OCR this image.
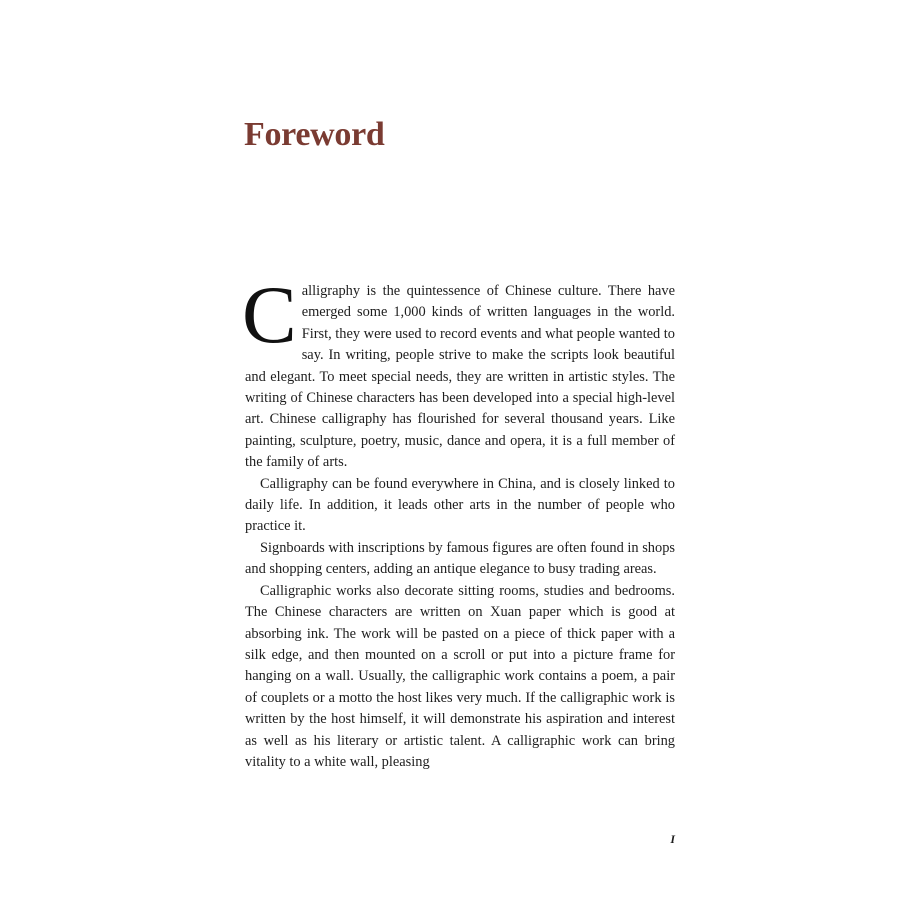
Foreword

Calligraphy is the quintessence of Chinese culture. There have emerged some 1,000 kinds of written languages in the world. First, they were used to record events and what people wanted to say. In writing, people strive to make the scripts look beautiful and elegant. To meet special needs, they are written in artistic styles. The writing of Chinese characters has been developed into a special high-level art. Chinese calligraphy has flourished for several thousand years. Like painting, sculpture, poetry, music, dance and opera, it is a full member of the family of arts.

Calligraphy can be found everywhere in China, and is closely linked to daily life. In addition, it leads other arts in the number of people who practice it.

Signboards with inscriptions by famous figures are often found in shops and shopping centers, adding an antique elegance to busy trading areas.

Calligraphic works also decorate sitting rooms, studies and bedrooms. The Chinese characters are written on Xuan paper which is good at absorbing ink. The work will be pasted on a piece of thick paper with a silk edge, and then mounted on a scroll or put into a picture frame for hanging on a wall. Usually, the calligraphic work contains a poem, a pair of couplets or a motto the host likes very much. If the calligraphic work is written by the host himself, it will demonstrate his aspiration and interest as well as his literary or artistic talent. A calligraphic work can bring vitality to a white wall, pleasing

I
